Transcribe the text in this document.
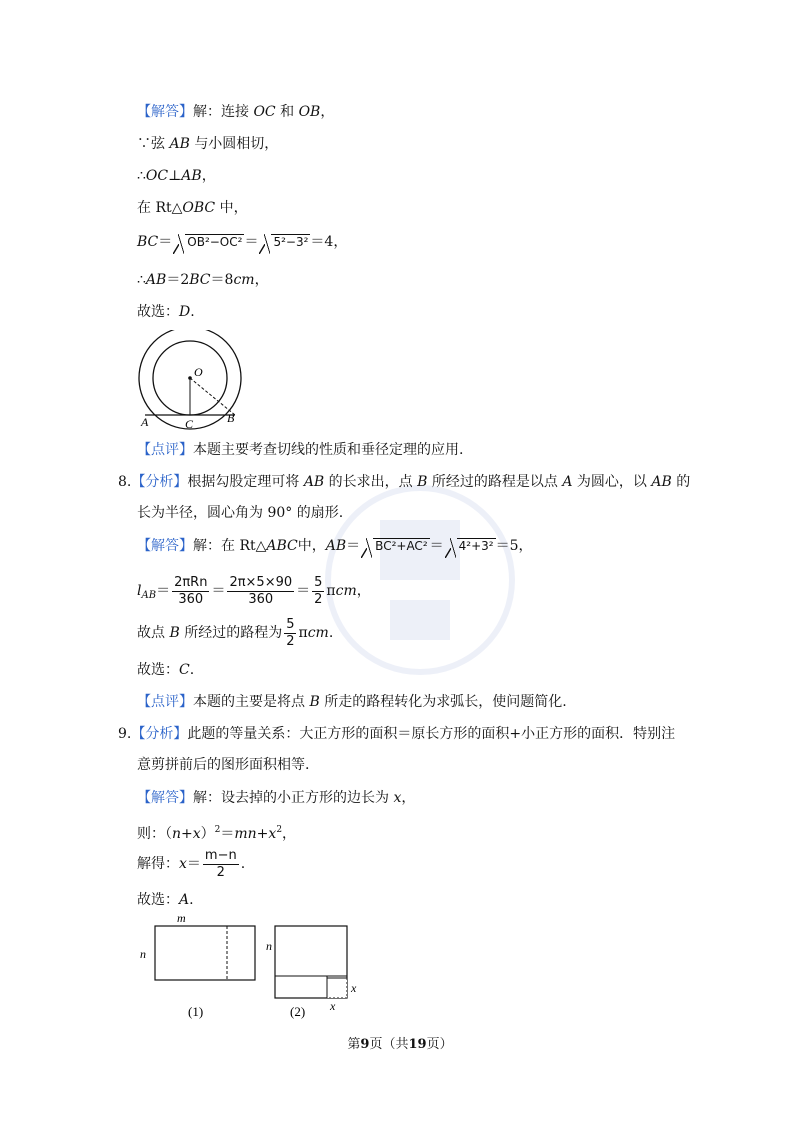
【解答】解：连接 OC 和 OB，
∵弦 AB 与小圆相切，
∴OC⊥AB，
在 Rt△OBC 中，
BC＝ OB²−OC² ＝ 5²−3² ＝4，
∴AB＝2BC＝8cm，
故选：D.
O
A	B
C
【点评】本题主要考查切线的性质和垂径定理的应用.
8.【分析】根据勾股定理可将 AB 的长求出，点 B 所经过的路程是以点 A 为圆心，以 AB 的
长为半径，圆心角为 90° 的扇形.
【解答】解：在 Rt△ABC中，AB＝ BC²+AC² ＝ 4²+3² ＝5，
$l_{AB}= \frac{\text{2πRn}}{360} = \frac{2\pi\times 5\times 90}{360} = \frac{5}{2}$ πcm，
故点 B 所经过的路程为 $\frac{5}{2} \pi cm$.
故选：C.
【点评】本题的主要是将点 B 所走的路程转化为求弧长，使问题简化.
9.【分析】此题的等量关系：大正方形的面积＝原长方形的面积+小正方形的面积．特别注
意剪拼前后的图形面积相等.
【解答】解：设去掉的小正方形的边长为 x，
则：$(n+x)^2=mn+x^2$，
解得：$x= \frac{m-n}{2}$ .
故选：A.
m
n
(1)
n
x
x
(2)
第9页（共19页）
